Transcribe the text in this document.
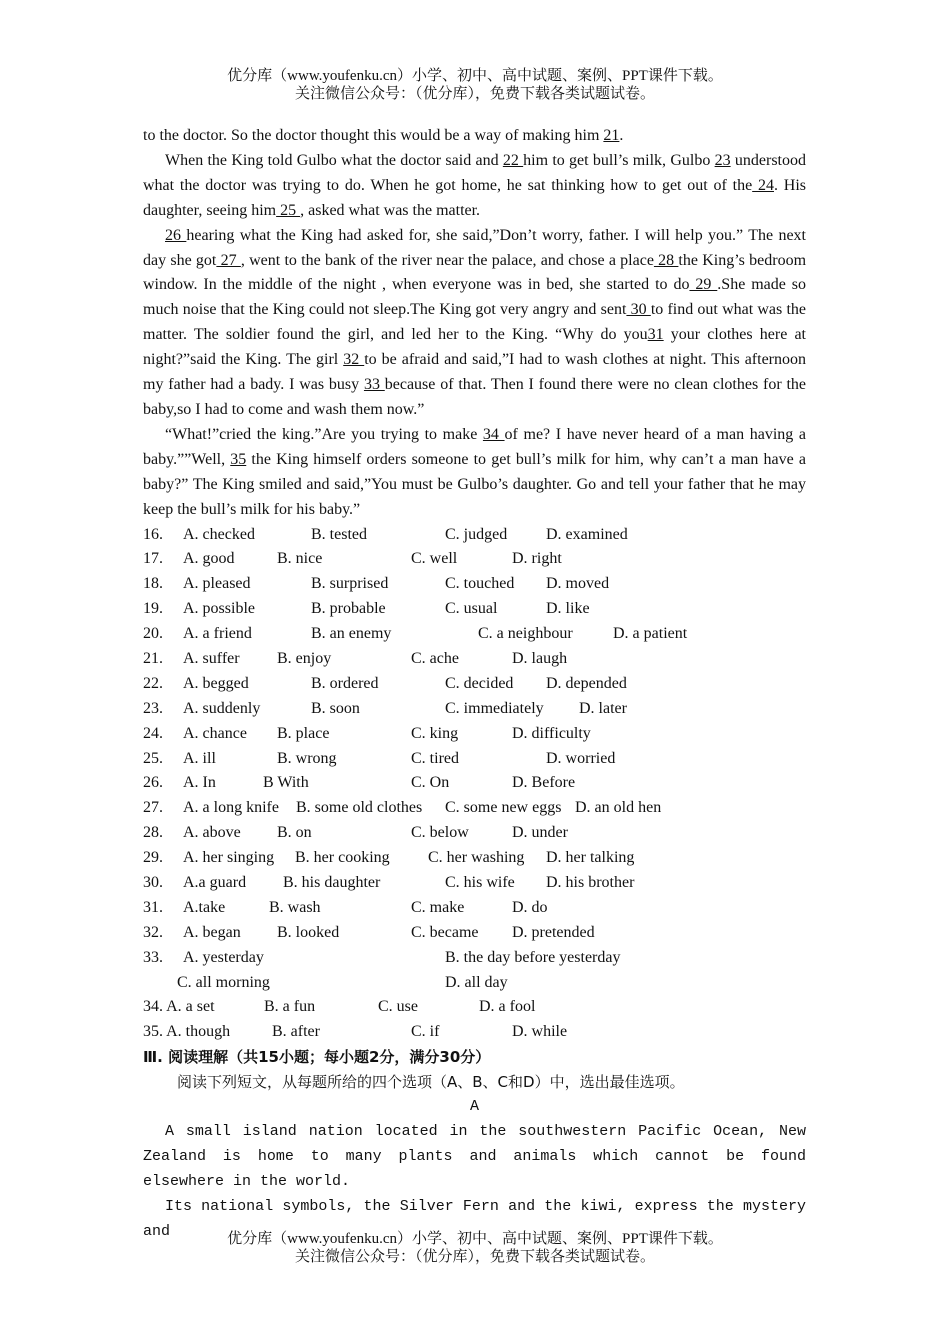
优分库（www.youfenku.cn）小学、初中、高中试题、案例、PPT课件下载。
关注微信公众号：（优分库），免费下载各类试题试卷。

to the doctor. So the doctor thought this would be a way of making him 21.

When the King told Gulbo what the doctor said and 22 him to get bull’s milk, Gulbo 23 understood what the doctor was trying to do. When he got home, he sat thinking how to get out of the 24. His daughter, seeing him 25 , asked what was the matter.

26 hearing what the King had asked for, she said,”Don’t worry, father. I will help you.” The next day she got 27 , went to the bank of the river near the palace, and chose a place 28 the King’s bedroom window. In the middle of the night , when everyone was in bed, she started to do 29 .She made so much noise that the King could not sleep.The King got very angry and sent 30 to find out what was the matter. The soldier found the girl, and led her to the King. “Why do you31 your clothes here at night?”said the King. The girl 32 to be afraid and said,”I had to wash clothes at night. This afternoon my father had a bady. I was busy 33 because of that. Then I found there were no clean clothes for the baby,so I had to come and wash them now.”

“What!”cried the king.”Are you trying to make 34 of me? I have never heard of a man having a baby.””Well, 35 the King himself orders someone to get bull’s milk for him, why can’t a man have a baby?” The King smiled and said,”You must be Gulbo’s daughter. Go and tell your father that he may keep the bull’s milk for his baby.”

16. A. checked	B. tested	C. judged D. examined
17. A. good	B. nice	C. well	D. right
18. A. pleased	B. surprised	C. touched D. moved
19. A. possible	B. probable	C. usual	D. like
20. A. a friend	B. an enemy	C. a neighbour	D. a patient
21. A. suffer B. enjoy	C. ache	D. laugh
22. A. begged	B. ordered	C. decided D. depended
23. A. suddenly	B. soon	C. immediately D. later
24. A. chance B. place	C. king	D. difficulty
25. A. ill	B. wrong	C. tired	D. worried
26. A. In	B With	C. On	D. Before
27. A. a long knife B. some old clothes C. some new eggs D. an old hen
28. A. above B. on	C. below	D. under
29. A. her singing B. her cooking C. her washing D. her talking
30. A.a guard B. his daughter	C. his wife D. his brother
31. A.take	B. wash	C. make	D. do
32. A. began B. looked	C. became D. pretended
33. A. yesterday	B. the day before yesterday
C. all morning	D. all day
34. A. a set	B. a fun	C. use	D. a fool
35. A. though	B. after	C. if	D. while
Ⅲ. 阅读理解（共15小题；每小题2分，满分30分）
阅读下列短文，从每题所给的四个选项（A、B、C和D）中，选出最佳选项。
A

A small island nation located in the southwestern Pacific Ocean, New Zealand is home to many plants and animals which cannot be found elsewhere in the world.

Its national symbols, the Silver Fern and the kiwi, express the mystery and	优分库（www.youfenku.cn）小学、初中、高中试题、案例、PPT课件下载。
关注微信公众号：（优分库），免费下载各类试题试卷。
